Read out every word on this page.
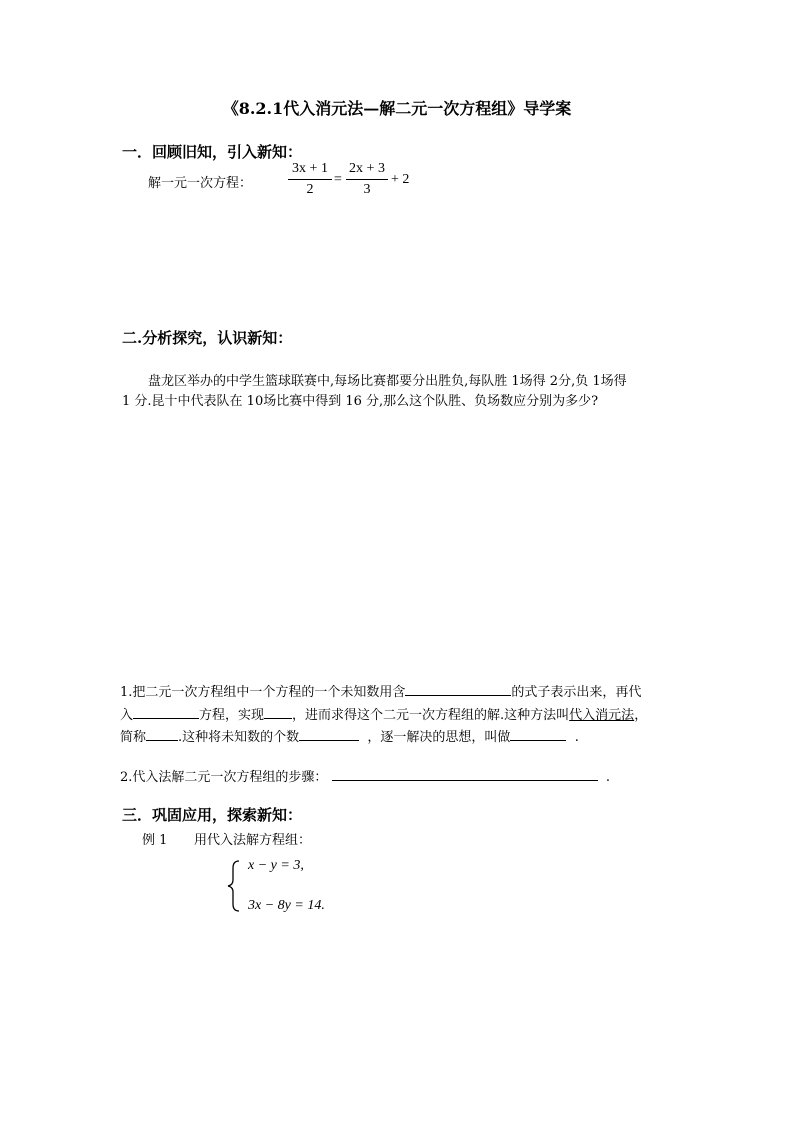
《8.2.1代入消元法—解二元一次方程组》导学案
一．回顾旧知，引入新知：
解一元一次方程：
3x + 1
2
=
2x + 3
3
+ 2
二.分析探究，认识新知：
盘龙区举办的中学生篮球联赛中,每场比赛都要分出胜负,每队胜 1场得 2分,负 1场得
1 分.昆十中代表队在 10场比赛中得到 16 分,那么这个队胜、负场数应分别为多少?
1.把二元一次方程组中一个方程的一个未知数用含	的式子表示出来，再代
入	方程，实现 ，进而求得这个二元一次方程组的解.这种方法叫代入消元法，
简称 .这种将未知数的个数	，逐一解决的思想，叫做	.
2.代入法解二元一次方程组的步骤：	.
三．巩固应用，探索新知：
例 1 用代入法解方程组：
x − y = 3,
3x − 8y = 14.
